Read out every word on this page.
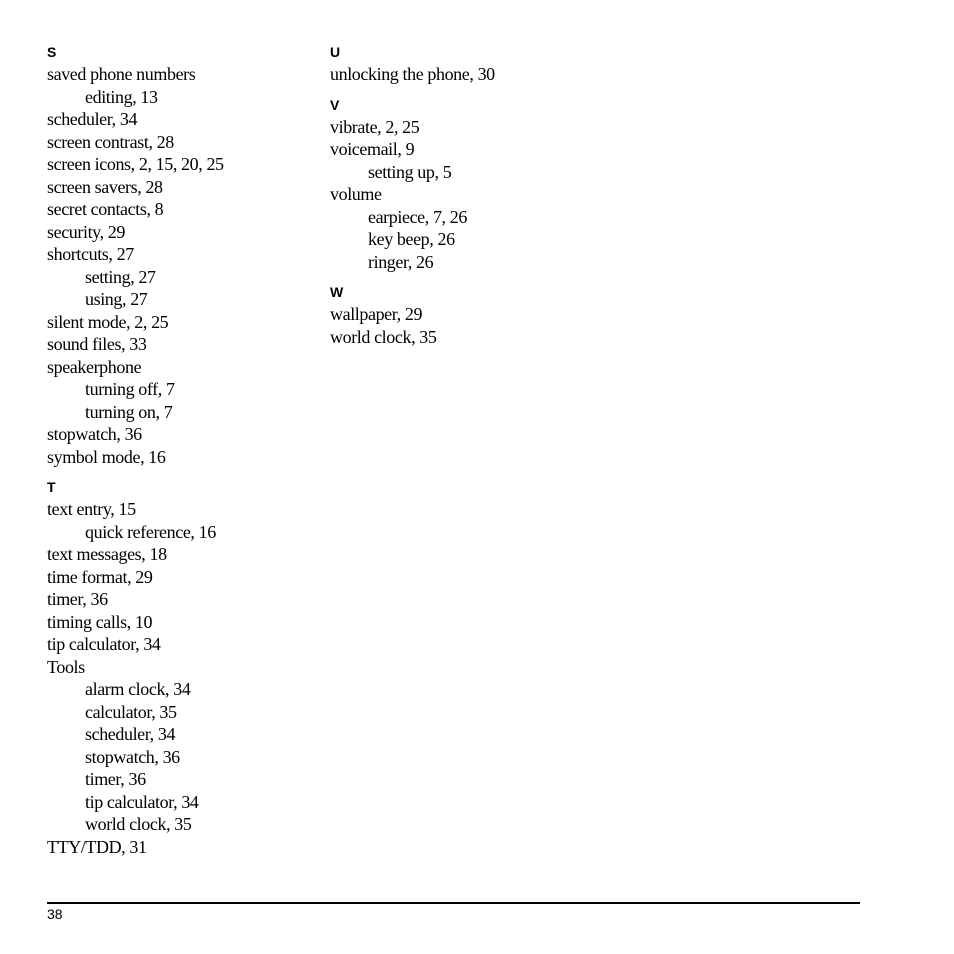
S
saved phone numbers
editing, 13
scheduler, 34
screen contrast, 28
screen icons, 2, 15, 20, 25
screen savers, 28
secret contacts, 8
security, 29
shortcuts, 27
setting, 27
using, 27
silent mode, 2, 25
sound files, 33
speakerphone
turning off, 7
turning on, 7
stopwatch, 36
symbol mode, 16
T
text entry, 15
quick reference, 16
text messages, 18
time format, 29
timer, 36
timing calls, 10
tip calculator, 34
Tools
alarm clock, 34
calculator, 35
scheduler, 34
stopwatch, 36
timer, 36
tip calculator, 34
world clock, 35
TTY/TDD, 31
U
unlocking the phone, 30
V
vibrate, 2, 25
voicemail, 9
setting up, 5
volume
earpiece, 7, 26
key beep, 26
ringer, 26
W
wallpaper, 29
world clock, 35
38
